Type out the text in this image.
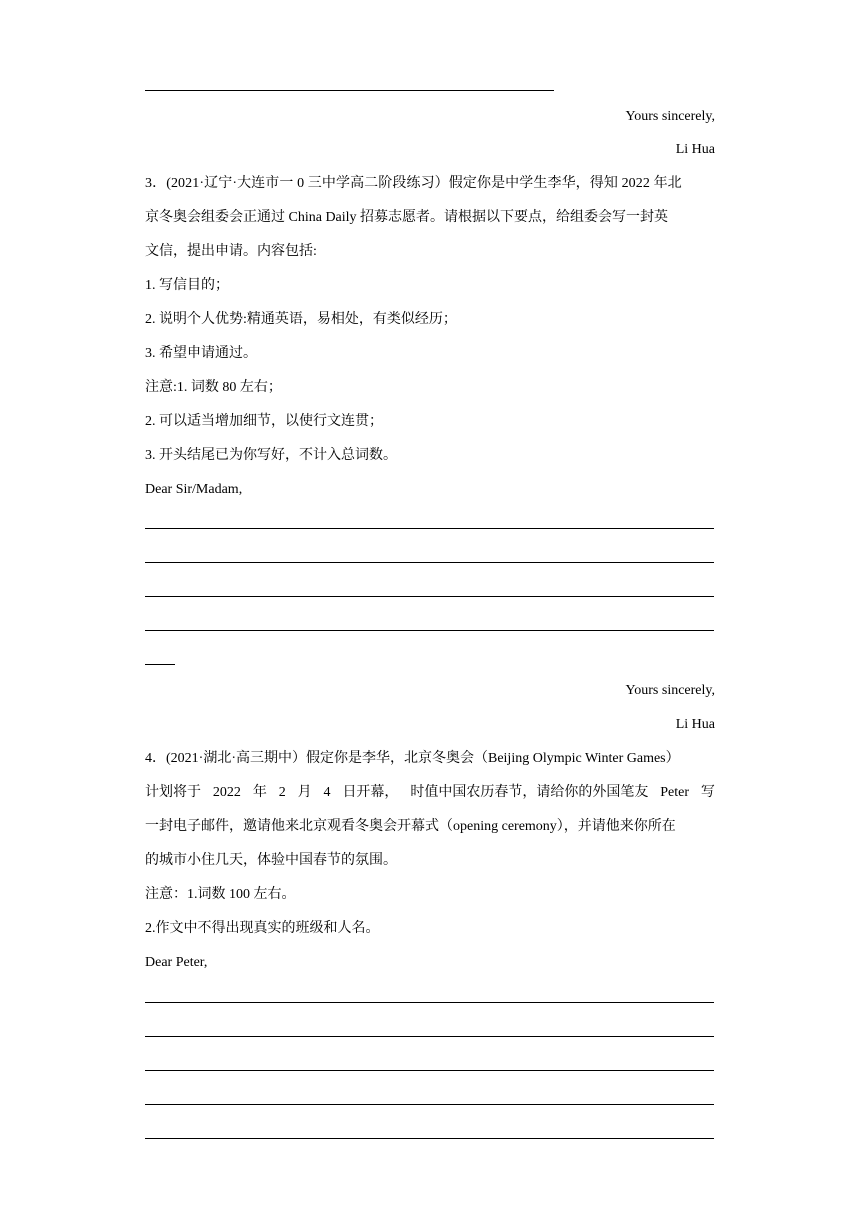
Yours sincerely,
Li Hua
3．(2021·辽宁·大连市一 0 三中学高二阶段练习）假定你是中学生李华，得知 2022 年北
京冬奥会组委会正通过 China Daily 招募志愿者。请根据以下要点，给组委会写一封英
文信，提出申请。内容包括:
1. 写信目的；
2. 说明个人优势:精通英语，易相处，有类似经历；
3. 希望申请通过。
注意:1. 词数 80 左右；
2. 可以适当增加细节，以使行文连贯；
3. 开头结尾已为你写好，不计入总词数。
Dear Sir/Madam,
Yours sincerely,
Li Hua
4．(2021·湖北·高三期中）假定你是李华，北京冬奥会（Beijing Olympic Winter Games）
计划将于 2022 年 2 月 4 日开幕， 时值中国农历春节，请给你的外国笔友 Peter 写
一封电子邮件，邀请他来北京观看冬奥会开幕式（opening ceremony），并请他来你所在
的城市小住几天，体验中国春节的氛围。
注意：1.词数 100 左右。
2.作文中不得出现真实的班级和人名。
Dear Peter,
